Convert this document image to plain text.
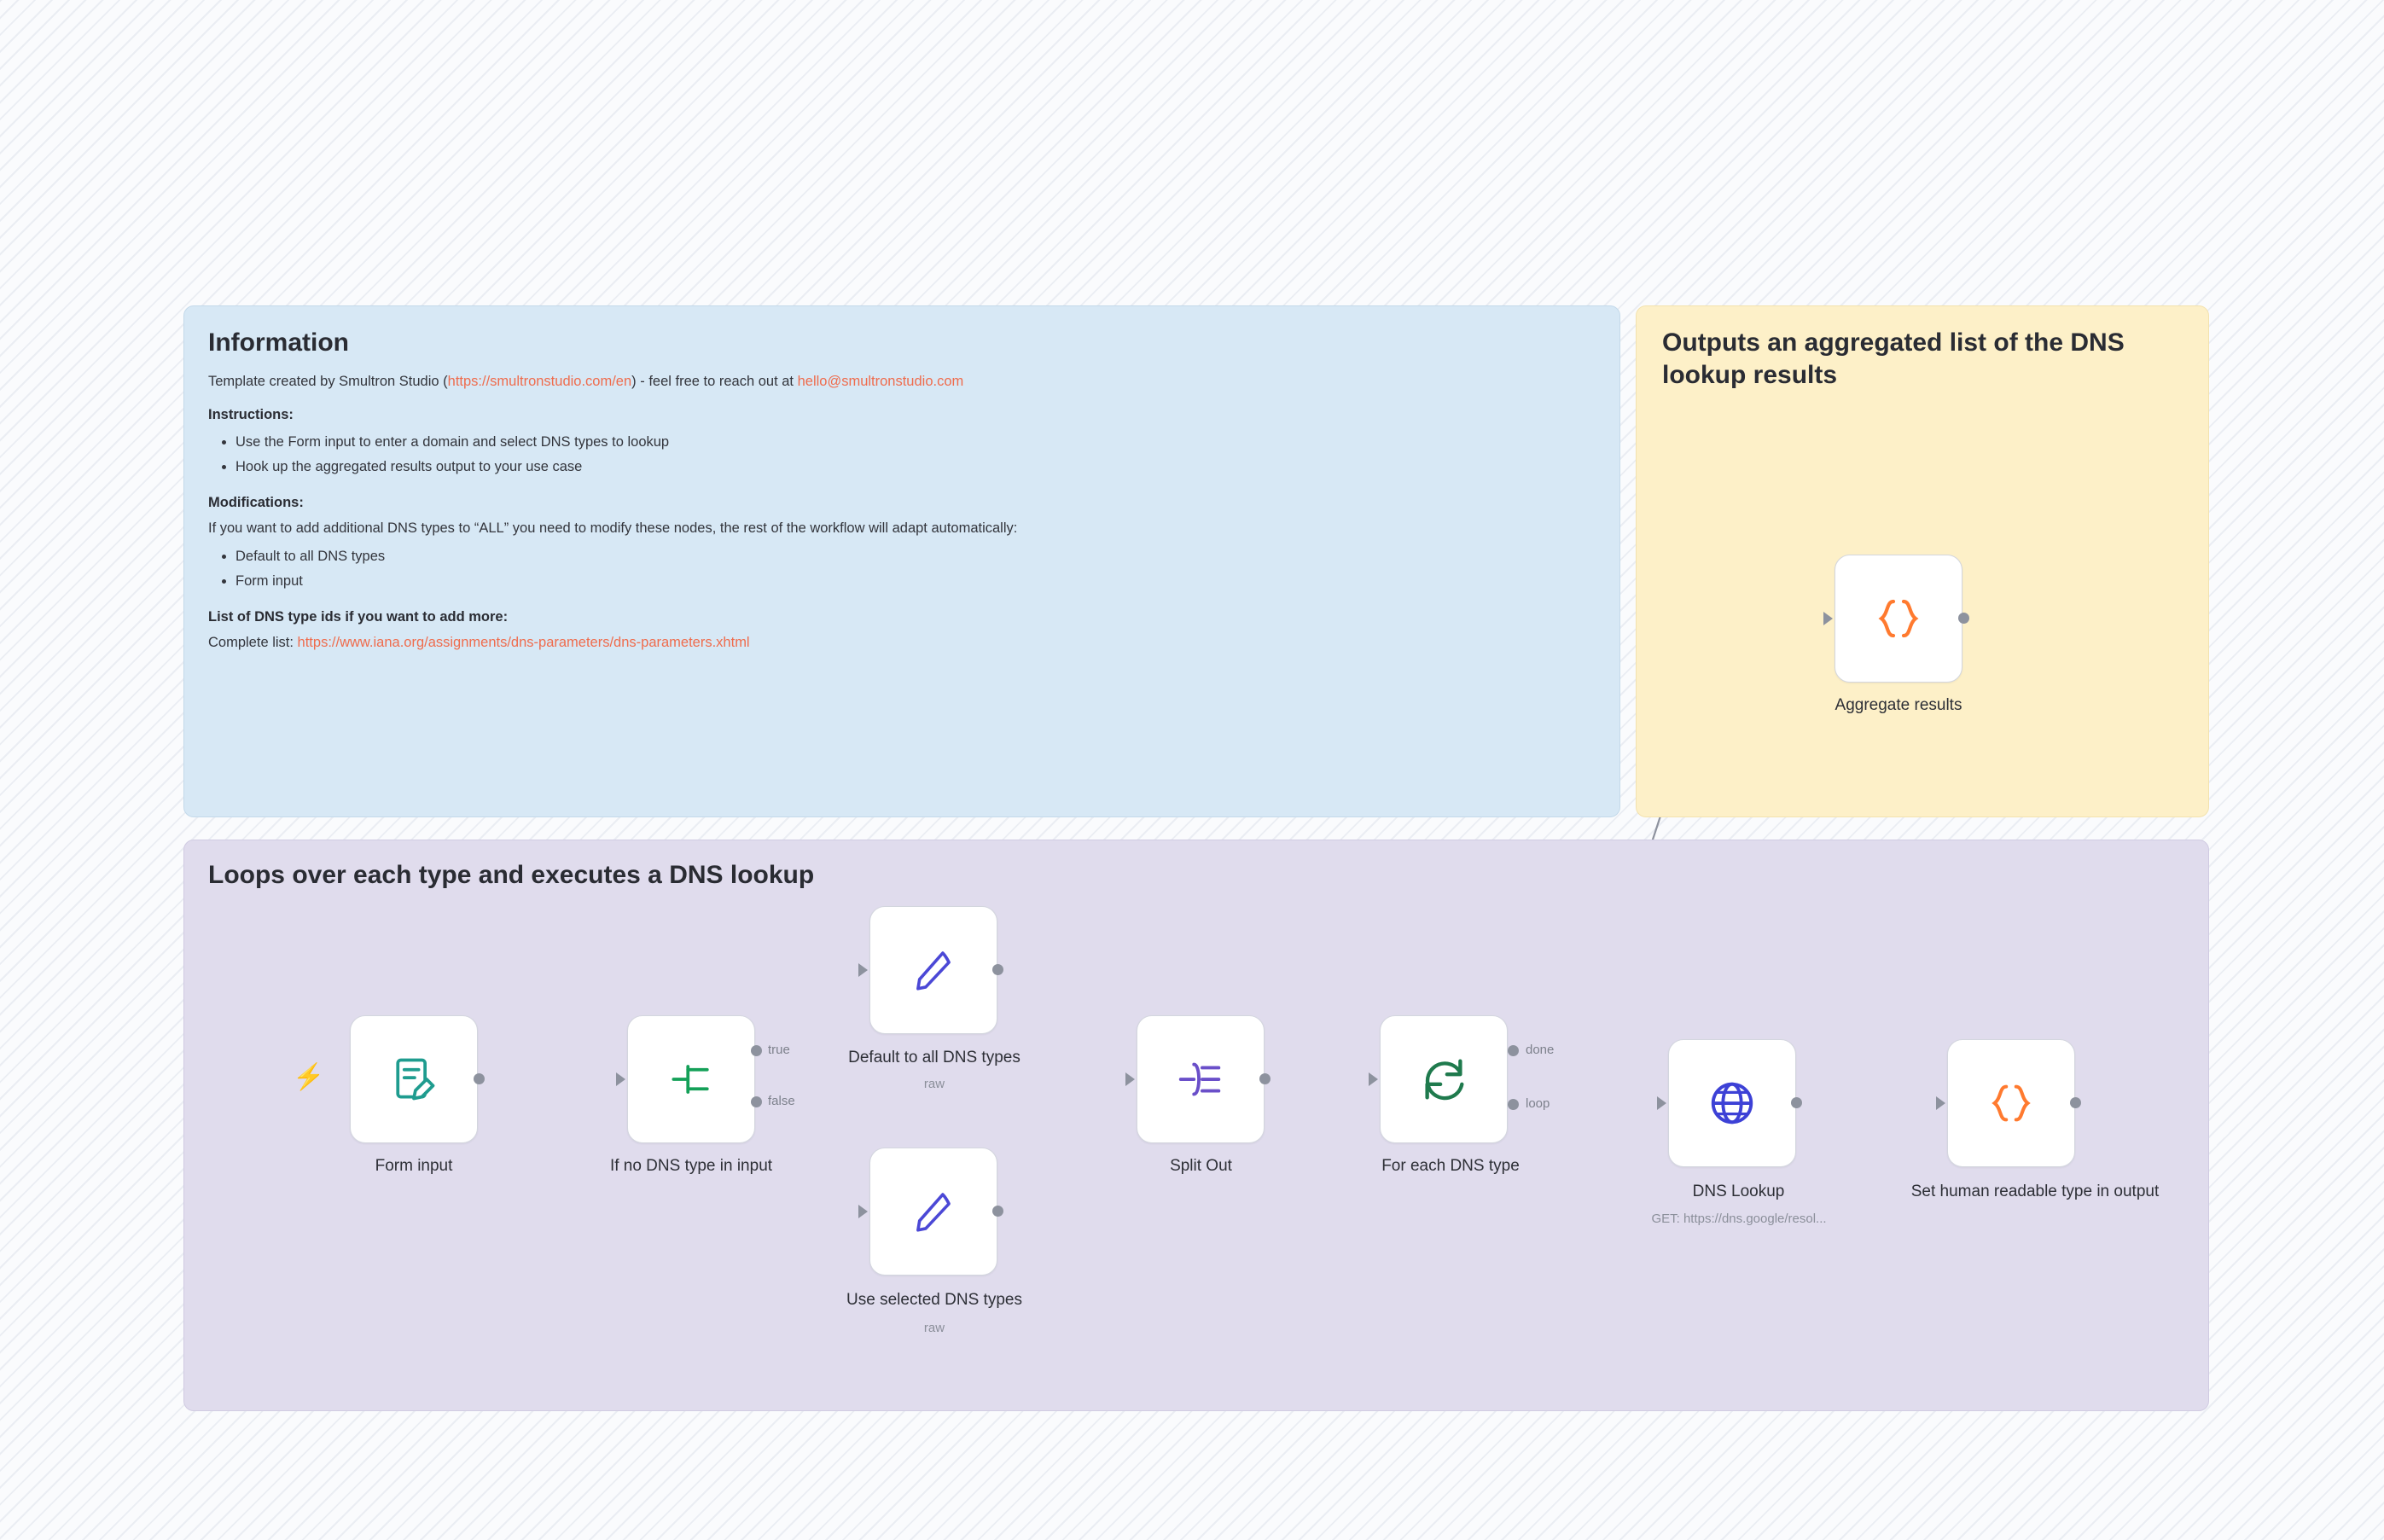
Information
Template created by Smultron Studio (https://smultronstudio.com/en) - feel free to reach out at hello@smultronstudio.com
Instructions:
• Use the Form input to enter a domain and select DNS types to lookup
• Hook up the aggregated results output to your use case
Modifications:
If you want to add additional DNS types to “ALL” you need to modify these nodes, the rest of the workflow will adapt automatically:
• Default to all DNS types
• Form input
List of DNS type ids if you want to add more:
Complete list: https://www.iana.org/assignments/dns-parameters/dns-parameters.xhtml
Outputs an aggregated list of the DNS lookup results
Loops over each type and executes a DNS lookup
Aggregate results
⚡
Form input
true
false
If no DNS type in input
Default to all DNS types
raw
Use selected DNS types
raw
Split Out
done
loop
For each DNS type
DNS Lookup
GET: https://dns.google/resol...
Set human readable type in output
